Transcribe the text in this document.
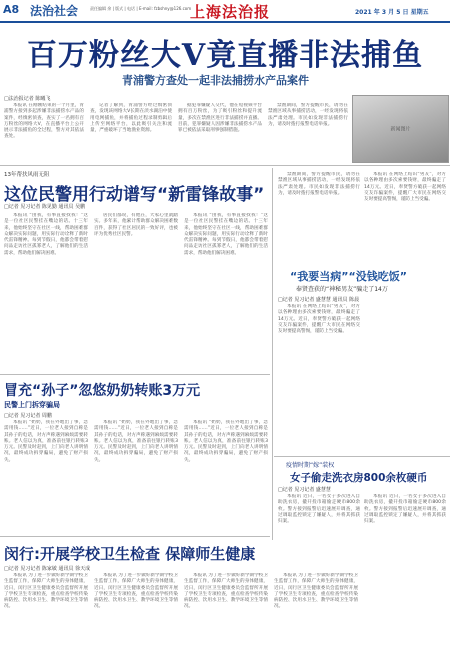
A8 法治社会	责任编辑 余 | 版式 | 电话 | E-mail: fzbshny@126.com
上海法治报	2021 年 3 月 5 日 星期五
百万粉丝大V竟直播非法捕鱼
青浦警方查处一起非法捕捞水产品案件
□法治报记者 陈曦飞

本报讯 在刚刚结束的一个月里，青浦警方接到多起涉嫌非法捕捞水产品的案件，经缜密侦查，查实了一名拥有百万粉丝的网络大V，在直播平台上公开展示非法捕鱼的全过程，警方对其依法查处。

记者了解到，青浦警方经过缜密侦查，发现该网络大V长期在淡水湖泊中使用电网捕鱼，并将捕鱼过程录制剪辑后上传至网络平台，以此吸引关注和流量，严重破坏了当地渔业资源。

据犯罪嫌疑人交代，他在短视频平台拥有百万粉丝，为了吸引粉丝和提升流量，多次在禁渔区进行非法捕捞并直播。目前，犯罪嫌疑人因涉嫌非法捕捞水产品罪已被依法采取刑事强制措施。

禁渔期间，警方提醒市民，请勿在禁渔区域从事捕捞活动，一经发现将依法严肃处理。市民如发现非法捕捞行为，请及时拨打报警电话举报。

新闻图片
13年帮扶风雨无阻
这位民警用行动谱写“新雷锋故事”
□记者 见习记者 陈见勤 通讯员 吴鹏

本报讯 “由我，有事直接找我！”这是一位社区民警挂在嘴边的话。十三年来，他始终坚守在社区一线，帮助困难群众解决实际问题，用实际行动诠释了新时代雷锋精神。每到节假日，他都会带着慰问品走访社区孤寡老人，了解他们的生活需求，帮助他们解决困难。

居民们都说，有他在，大家心里就踏实。多年来，他累计帮助群众解决困难数百件，获得了社区居民的一致好评，也被评为优秀社区民警。

本报讯 “由我，有事直接找我！”这是一位社区民警挂在嘴边的话。十三年来，他始终坚守在社区一线，帮助困难群众解决实际问题，用实际行动诠释了新时代雷锋精神。每到节假日，他都会带着慰问品走访社区孤寡老人，了解他们的生活需求，帮助他们解决困难。

冒充“孙子”忽悠奶奶转账3万元
民警上门拆穿骗局
□记者 见习记者 周鹏

本报讯 “奶奶，我在外地出了事，急需用钱……”近日，一位老人接到自称是其孙子的电话，对方声称遇到麻烦需要转账。老人信以为真，准备前往银行转账3万元。民警及时赶到，上门向老人讲明情况，最终成功拆穿骗局，避免了财产损失。

本报讯 “奶奶，我在外地出了事，急需用钱……”近日，一位老人接到自称是其孙子的电话，对方声称遇到麻烦需要转账。老人信以为真，准备前往银行转账3万元。民警及时赶到，上门向老人讲明情况，最终成功拆穿骗局，避免了财产损失。

本报讯 “奶奶，我在外地出了事，急需用钱……”近日，一位老人接到自称是其孙子的电话，对方声称遇到麻烦需要转账。老人信以为真，准备前往银行转账3万元。民警及时赶到，上门向老人讲明情况，最终成功拆穿骗局，避免了财产损失。

闵行:开展学校卫生检查 保障师生健康
□记者 见习记者 陈家敏 通讯员 徐天成

本报讯 为了进一步做好新学期学校卫生监督工作，保障广大师生的身体健康，近日，闵行区卫生健康委员会监督所开展了学校卫生专项检查，重点检查学校传染病防控、饮用水卫生、教学环境卫生等情况。

本报讯 为了进一步做好新学期学校卫生监督工作，保障广大师生的身体健康，近日，闵行区卫生健康委员会监督所开展了学校卫生专项检查，重点检查学校传染病防控、饮用水卫生、教学环境卫生等情况。

本报讯 为了进一步做好新学期学校卫生监督工作，保障广大师生的身体健康，近日，闵行区卫生健康委员会监督所开展了学校卫生专项检查，重点检查学校传染病防控、饮用水卫生、教学环境卫生等情况。

本报讯 为了进一步做好新学期学校卫生监督工作，保障广大师生的身体健康，近日，闵行区卫生健康委员会监督所开展了学校卫生专项检查，重点检查学校传染病防控、饮用水卫生、教学环境卫生等情况。

“我要当病”“没钱吃饭”
奉贤查获的“神秘男友”骗走了14万
□记者 见习记者 盛慧慧 通讯员 陈晨

本报讯 在网络上结识“男友”，对方以各种理由多次索要钱财，最终骗走了14万元。近日，奉贤警方破获一起网络交友诈骗案件，提醒广大市民在网络交友时要提高警惕，谨防上当受骗。

本报讯 在网络上结识“男友”，对方以各种理由多次索要钱财，最终骗走了14万元。近日，奉贤警方破获一起网络交友诈骗案件，提醒广大市民在网络交友时要提高警惕，谨防上当受骗。

禁渔期间，警方提醒市民，请勿在禁渔区域从事捕捞活动，一经发现将依法严肃处理。市民如发现非法捕捞行为，请及时拨打报警电话举报。

疫情时期“嫁”装权
女子偷走洗衣房800余枚硬币
□记者 见习记者 盛慧慧

本报讯 近日，一名女子多次进入自助洗衣房，撬开投币箱偷走硬币800余枚。警方接到报警后迅速展开调查，通过调取监控锁定了嫌疑人，并将其抓获归案。

本报讯 近日，一名女子多次进入自助洗衣房，撬开投币箱偷走硬币800余枚。警方接到报警后迅速展开调查，通过调取监控锁定了嫌疑人，并将其抓获归案。
